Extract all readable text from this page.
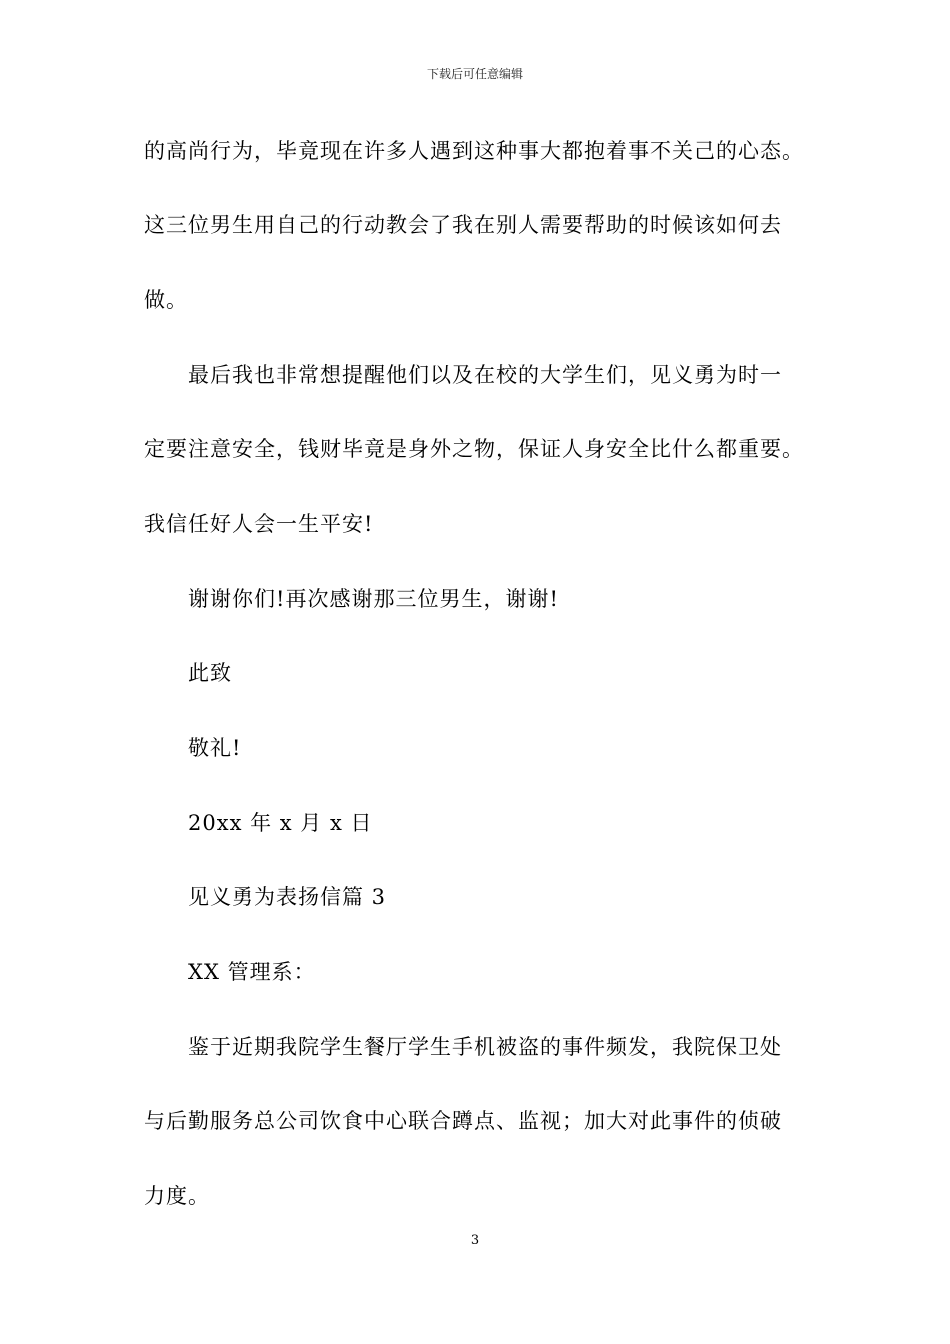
下载后可任意编辑
的高尚行为，毕竟现在许多人遇到这种事大都抱着事不关己的心态。
这三位男生用自己的行动教会了我在别人需要帮助的时候该如何去
做。
最后我也非常想提醒他们以及在校的大学生们，见义勇为时一
定要注意安全，钱财毕竟是身外之物，保证人身安全比什么都重要。
我信任好人会一生平安!
谢谢你们!再次感谢那三位男生，谢谢!
此致
敬礼!
20xx 年 x 月 x 日
见义勇为表扬信篇 3
XX 管理系：
鉴于近期我院学生餐厅学生手机被盗的事件频发，我院保卫处
与后勤服务总公司饮食中心联合蹲点、监视；加大对此事件的侦破
力度。
3
